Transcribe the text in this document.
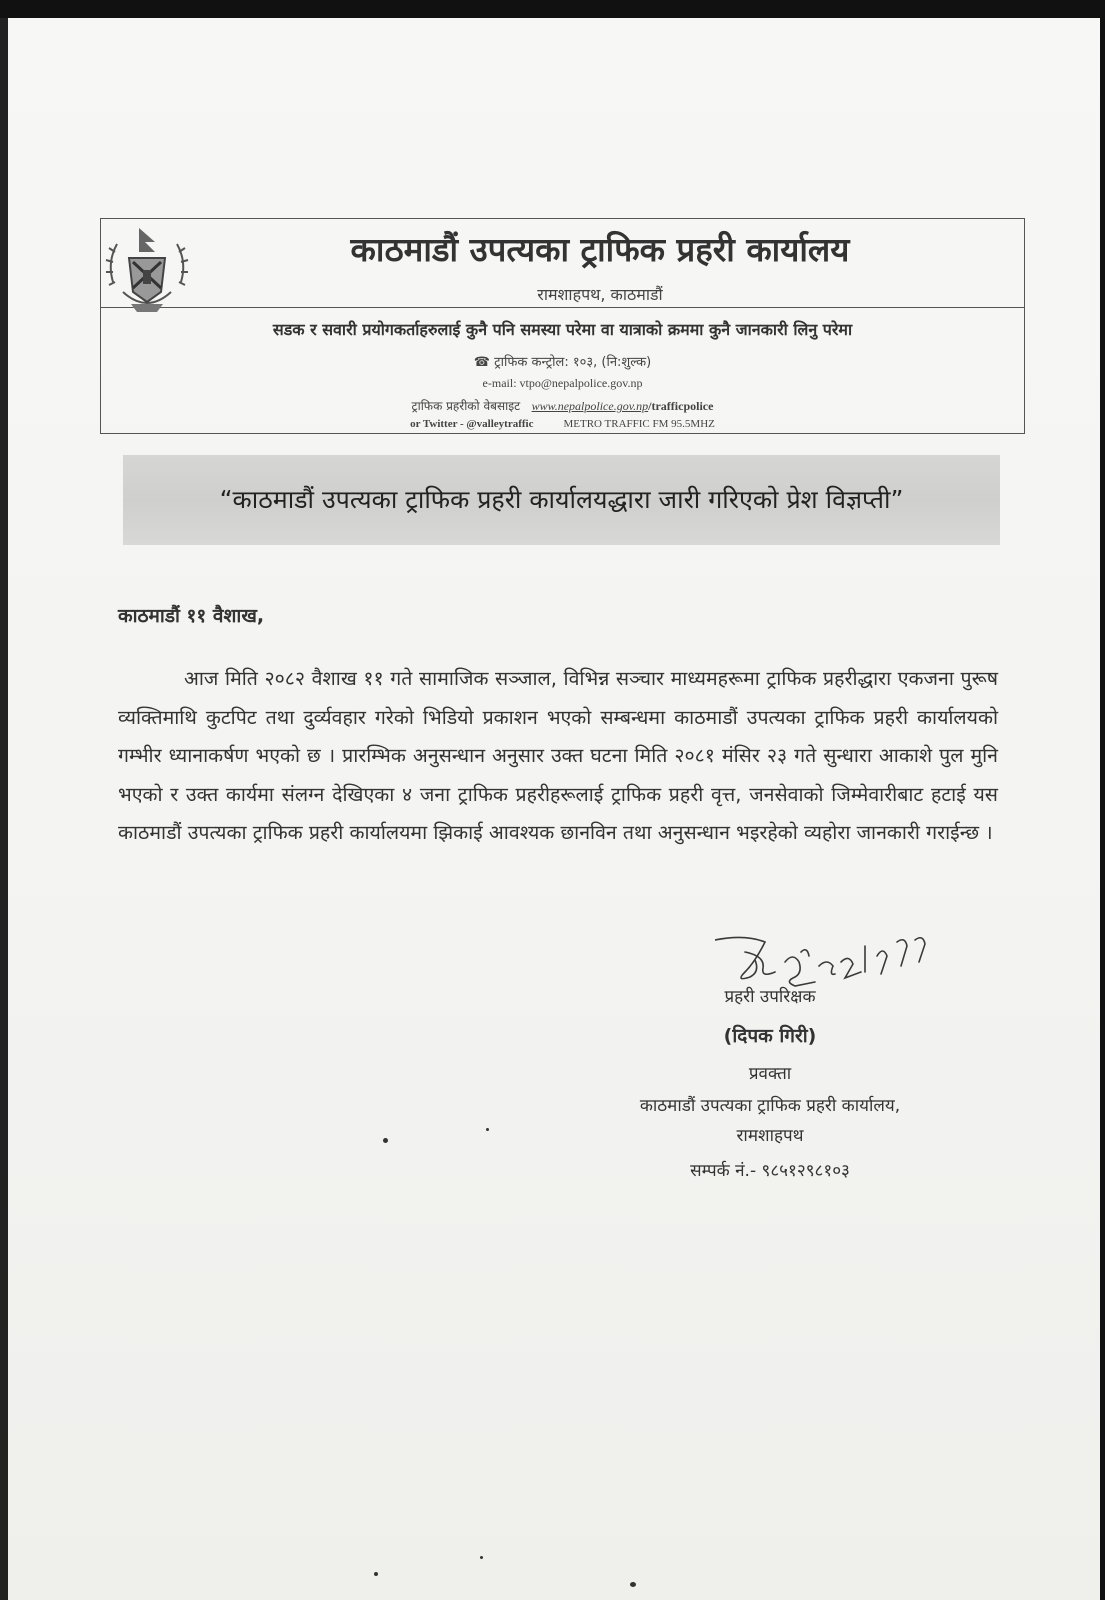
काठमाडौं उपत्यका ट्राफिक प्रहरी कार्यालय
रामशाहपथ, काठमाडौं
सडक र सवारी प्रयोगकर्ताहरुलाई कुनै पनि समस्या परेमा वा यात्राको क्रममा कुनै जानकारी लिनु परेमा
☎ ट्राफिक कन्ट्रोल: १०३, (नि:शुल्क)
e-mail: vtpo@nepalpolice.gov.np
ट्राफिक प्रहरीको वेबसाइट www.nepalpolice.gov.np/trafficpolice
or Twitter - @valleytraffic	METRO TRAFFIC FM 95.5MHZ
“काठमाडौं उपत्यका ट्राफिक प्रहरी कार्यालयद्धारा जारी गरिएको प्रेश विज्ञप्ती”
काठमाडौं ११ वैशाख,
आज मिति २०८२ वैशाख ११ गते सामाजिक सञ्जाल, विभिन्न सञ्चार माध्यमहरूमा ट्राफिक प्रहरीद्धारा एकजना पुरूष व्यक्तिमाथि कुटपिट तथा दुर्व्यवहार गरेको भिडियो प्रकाशन भएको सम्बन्धमा काठमाडौं उपत्यका ट्राफिक प्रहरी कार्यालयको गम्भीर ध्यानाकर्षण भएको छ । प्रारम्भिक अनुसन्धान अनुसार उक्त घटना मिति २०८१ मंसिर २३ गते सुन्धारा आकाशे पुल मुनि भएको र उक्त कार्यमा संलग्न देखिएका ४ जना ट्राफिक प्रहरीहरूलाई ट्राफिक प्रहरी वृत्त, जनसेवाको जिम्मेवारीबाट हटाई यस काठमाडौं उपत्यका ट्राफिक प्रहरी कार्यालयमा झिकाई आवश्यक छानविन तथा अनुसन्धान भइरहेको व्यहोरा जानकारी गराईन्छ ।
२०८२।१।११
प्रहरी उपरिक्षक
(दिपक गिरी)
प्रवक्ता
काठमाडौं उपत्यका ट्राफिक प्रहरी कार्यालय,
रामशाहपथ
सम्पर्क नं.- ९८५१२९८१०३
